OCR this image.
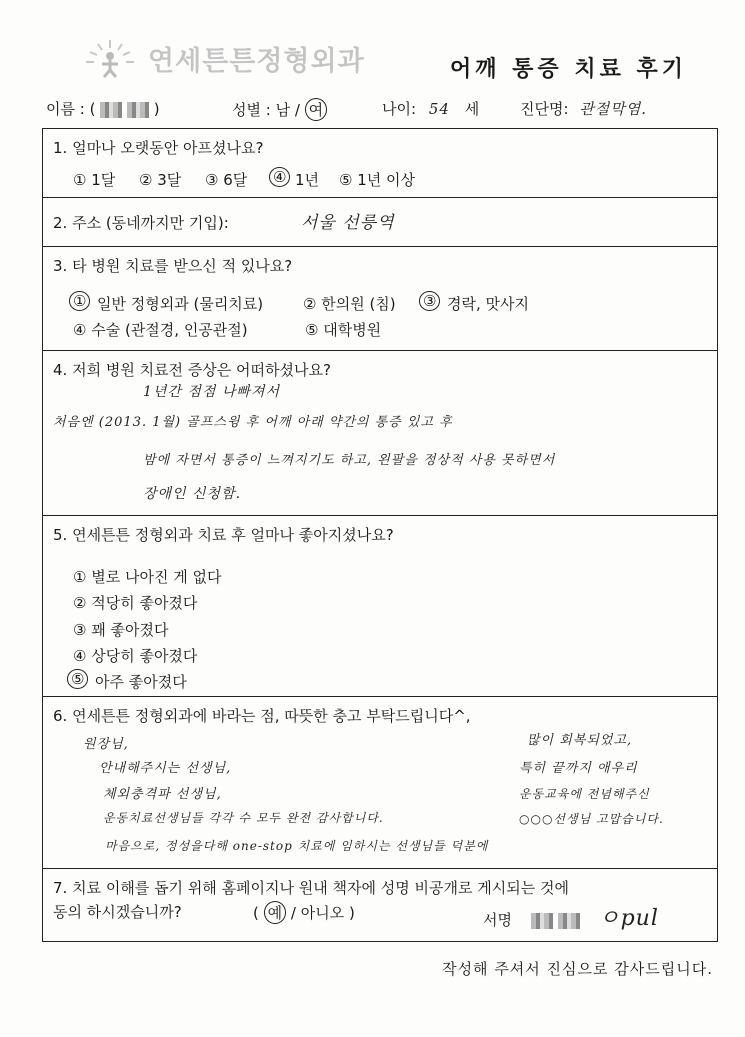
연세튼튼정형외과	어깨 통증 치료 후기
이름 : (	)	성별 : 남 / 여	나이: 54 세	진단명: 관절막염.
1. 얼마나 오랫동안 아프셨나요?
① 1달 ② 3달 ③ 6달 ④ 1년 ⑤ 1년 이상

2. 주소 (동네까지만 기입):	서울 선릉역

3. 타 병원 치료를 받으신 적 있나요?
① 일반 정형외과 (물리치료)	② 한의원 (침) ③ 경락, 맛사지
④ 수술 (관절경, 인공관절)	⑤ 대학병원

4. 저희 병원 치료전 증상은 어떠하셨나요?
1년간 점점 나빠져서
처음엔 (2013. 1월) 골프스윙 후 어깨 아래 약간의 통증 있고 후
밤에 자면서 통증이 느껴지기도 하고, 왼팔을 정상적 사용 못하면서
장애인 신청함.

5. 연세튼튼 정형외과 치료 후 얼마나 좋아지셨나요?
① 별로 나아진 게 없다
② 적당히 좋아졌다
③ 꽤 좋아졌다
④ 상당히 좋아졌다
⑤ 아주 좋아졌다

6. 연세튼튼 정형외과에 바라는 점, 따뜻한 충고 부탁드립니다^,
원장님,
안내해주시는 선생님,
체외충격파 선생님,
운동치료선생님들 각각 수 모두 완전 감사합니다.
마음으로, 정성을다해 one-stop 치료에 임하시는 선생님들 덕분에
많이 회복되었고,
특히 끝까지 애우리
운동교육에 전념해주신
○○○선생님 고맙습니다.

7. 치료 이해를 돕기 위해 홈페이지나 원내 책자에 성명 비공개로 게시되는 것에
동의 하시겠습니까?	( 예 / 아니오 )	서명	ㅇpul
작성해 주셔서 진심으로 감사드립니다.
